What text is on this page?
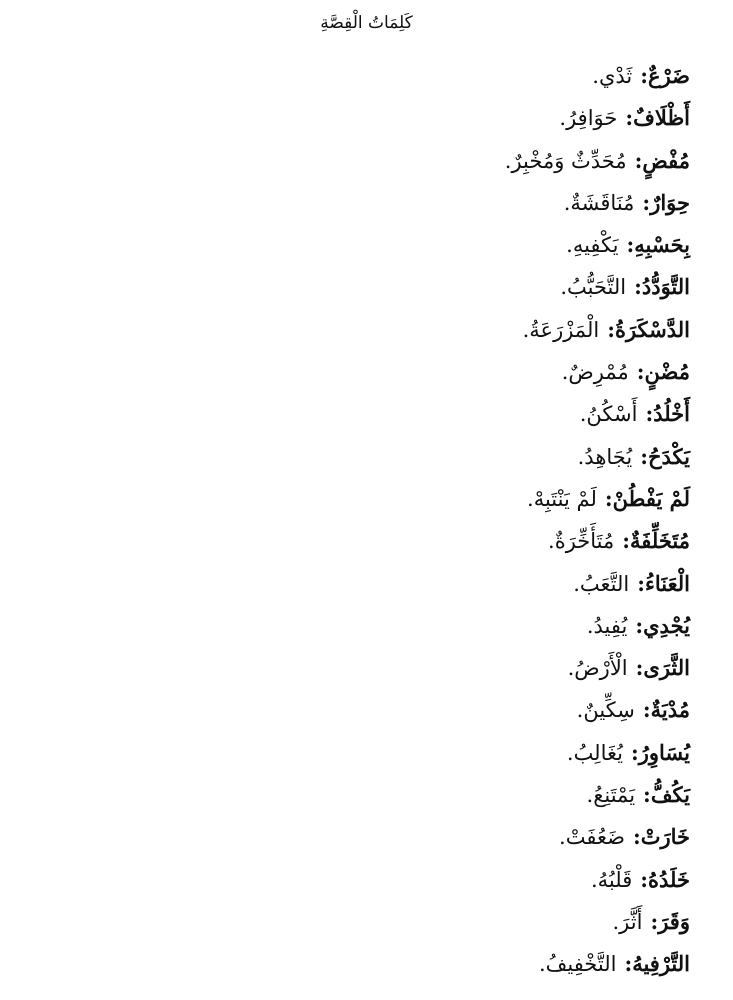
كَلِمَاتُ الْقِصَّةِ
ضَرْعٌ:ثَدْي.
أَظْلَافٌ:حَوَافِرُ.
مُفْضٍ:مُحَدِّثٌ وَمُخْبِرٌ.
حِوَارٌ:مُنَاقَشَةٌ.
بِحَسْبِهِ:يَكْفِيهِ.
التَّوَدُّدُ:التَّحَبُّبُ.
الدَّسْكَرَةُ:الْمَزْرَعَةُ.
مُضْنٍ:مُمْرِضٌ.
أَخْلُدُ:أَسْكُنُ.
يَكْدَحُ:يُجَاهِدُ.
لَمْ يَفْطُنْ:لَمْ يَنْتَبِهْ.
مُتَخَلِّفَةٌ:مُتَأَخِّرَةٌ.
الْعَنَاءُ:التَّعَبُ.
يُجْدِي:يُفِيدُ.
الثَّرَى:الْأَرْضُ.
مُدْيَةٌ:سِكِّينٌ.
يُسَاوِرُ:يُغَالِبُ.
يَكُفُّ:يَمْتَنِعُ.
خَارَتْ:ضَعُفَتْ.
خَلَدُهُ:قَلْبُهُ.
وَقَرَ:أَثَّرَ.
التَّرْفِيهُ:التَّخْفِيفُ.
